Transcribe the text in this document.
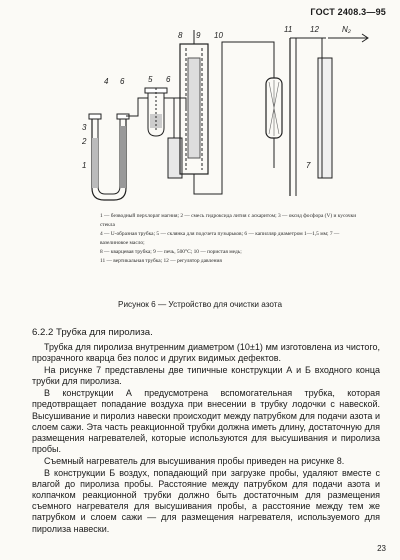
ГОСТ 2408.3—95
1
2
3
4	5
6	6
7
8 9 10
11 12	N₂

1 — безводный перхлорат магния; 2 — смесь гидроксида лития с аскаритом; 3 — оксид фосфора (V) и кусочки стекла

4 — U-образная трубка; 5 — склянка для подсчета пузырьков; 6 — капилляр диаметром 1—1,5 мм; 7 — вазелиновое масло;

8 — кварцевая трубка; 9 — печь, 500°С; 10 — пористая медь;

11 — вертикальная трубка; 12 — регулятор давления

Рисунок 6 — Устройство для очистки азота
6.2.2 Трубка для пиролиза.

Трубка для пиролиза внутренним диаметром (10±1) мм изготовлена из чистого, прозрачного кварца без полос и других видимых дефектов.

На рисунке 7 представлены две типичные конструкции А и Б входного конца трубки для пиролиза.

В конструкции А предусмотрена вспомогательная трубка, которая предотвращает попадание воздуха при внесении в трубку лодочки с навеской. Высушивание и пиролиз навески происходит между патрубком для подачи азота и слоем сажи. Эта часть реакционной трубки должна иметь длину, достаточную для размещения нагревателей, которые используются для высушивания и пиролиза пробы.

Съемный нагреватель для высушивания пробы приведен на рисунке 8.

В конструкции Б воздух, попадающий при загрузке пробы, удаляют вместе с влагой до пиролиза пробы. Расстояние между патрубком для подачи азота и колпачком реакционной трубки должно быть достаточным для размещения съемного нагревателя для высушивания пробы, а расстояние между тем же патрубком и слоем сажи — для размещения нагревателя, используемого для пиролиза навески.

23
